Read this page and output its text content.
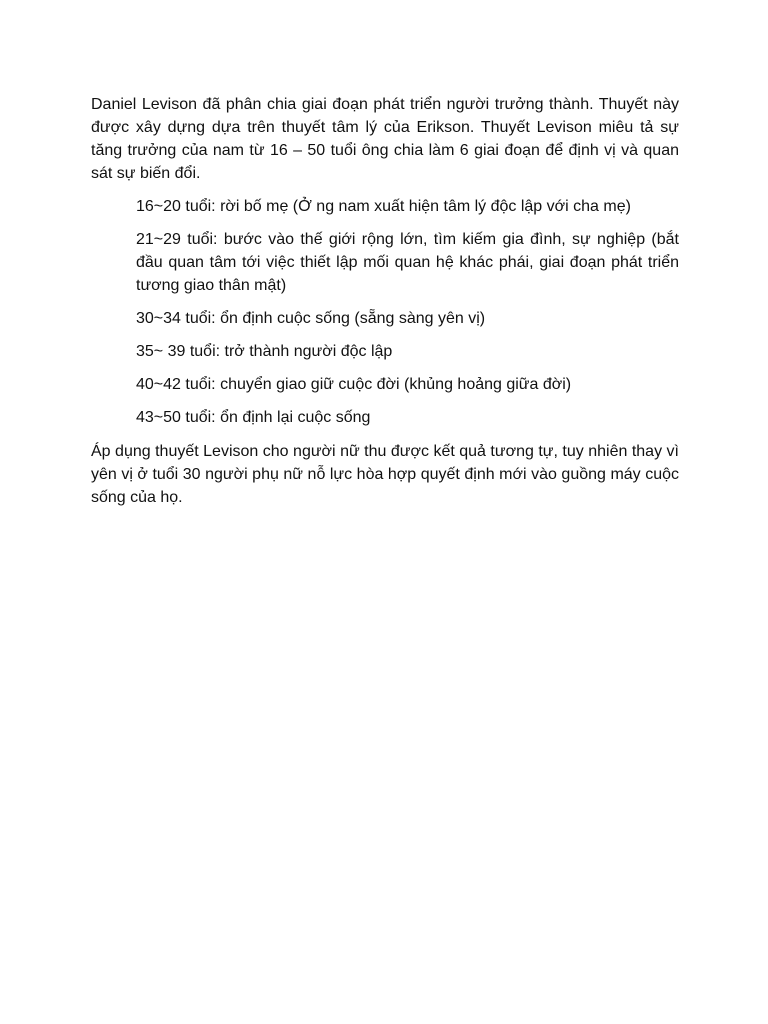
Daniel Levison đã phân chia giai đoạn phát triển người trưởng thành. Thuyết này được xây dựng dựa trên thuyết tâm lý của Erikson. Thuyết Levison miêu tả sự tăng trưởng của nam từ 16 – 50 tuổi ông chia làm 6 giai đoạn để định vị và quan sát sự biến đổi.

16~20 tuổi: rời bố mẹ (Ở ng nam xuất hiện tâm lý độc lập với cha mẹ)

21~29 tuổi: bước vào thế giới rộng lớn, tìm kiếm gia đình, sự nghiệp (bắt đầu quan tâm tới việc thiết lập mối quan hệ khác phái, giai đoạn phát triển tương giao thân mật)

30~34 tuổi: ổn định cuộc sống (sẵng sàng yên vị)

35~ 39 tuổi: trở thành người độc lập

40~42 tuổi: chuyển giao giữ cuộc đời (khủng hoảng giữa đời)

43~50 tuổi: ổn định lại cuộc sống

Áp dụng thuyết Levison cho người nữ thu được kết quả tương tự, tuy nhiên thay vì yên vị ở tuổi 30 người phụ nữ nỗ lực hòa hợp quyết định mới vào guồng máy cuộc sống của họ.
